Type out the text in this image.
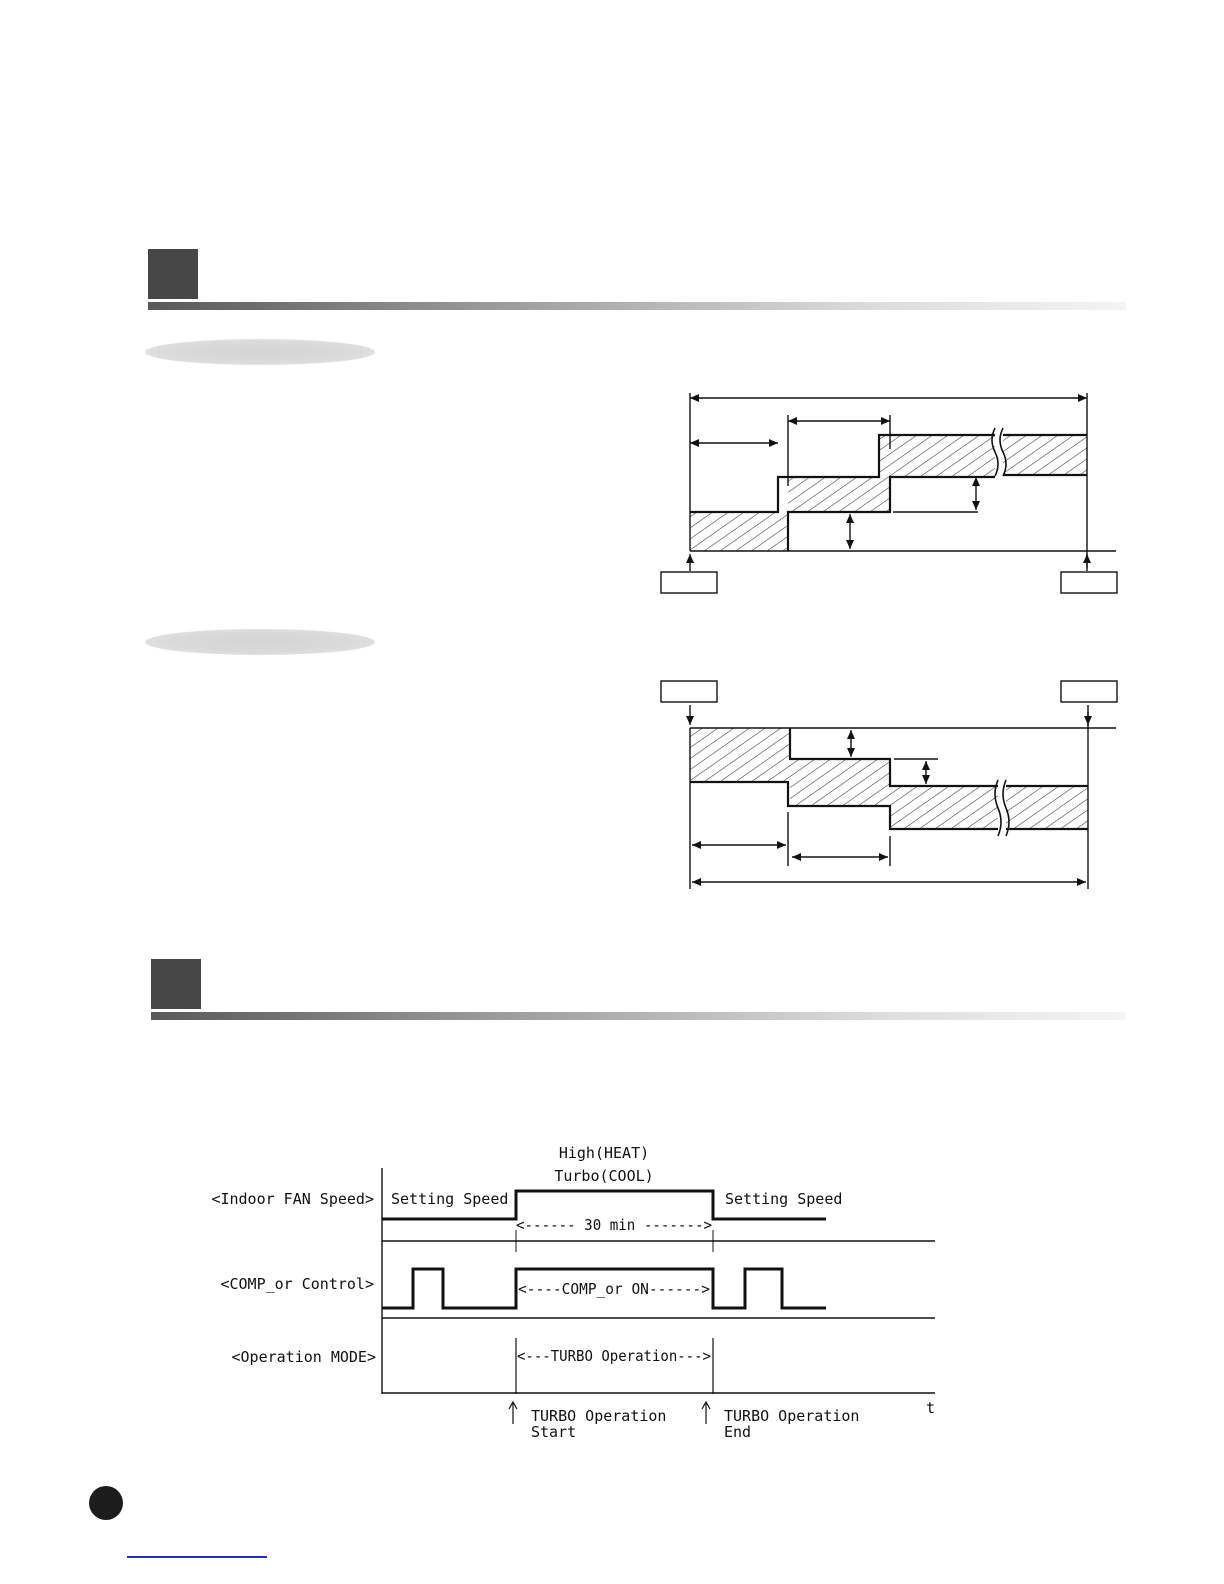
<Indoor FAN Speed>
<COMP_or Control>
<Operation MODE>
High(HEAT)
Turbo(COOL)
Setting Speed	Setting Speed
<------ 30 min ------->
<----COMP_or ON------>
<---TURBO Operation--->
TURBO Operation
Start
TURBO Operation
End
t
